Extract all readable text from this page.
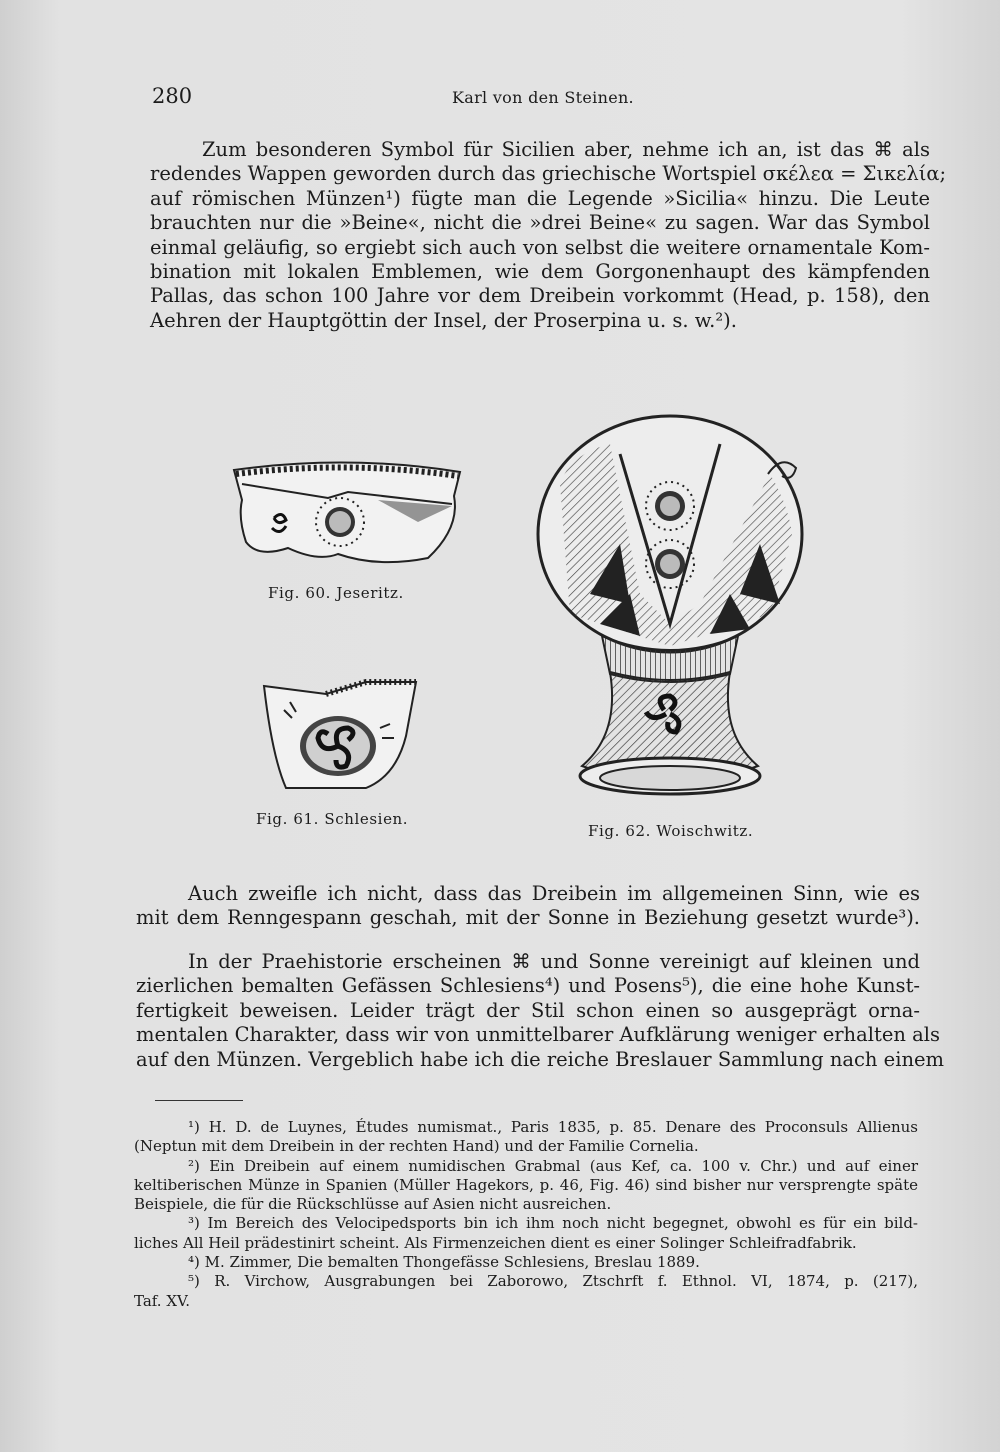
280	Karl von den Steinen.
Zum besonderen Symbol für Sicilien aber, nehme ich an, ist das ⌘ als
redendes Wappen geworden durch das griechische Wortspiel σκέλεα = Σικελία;
auf römischen Münzen¹) fügte man die Legende »Sicilia« hinzu. Die Leute
brauchten nur die »Beine«, nicht die »drei Beine« zu sagen. War das Symbol
einmal geläufig, so ergiebt sich auch von selbst die weitere ornamentale Kom-
bination mit lokalen Emblemen, wie dem Gorgonenhaupt des kämpfenden
Pallas, das schon 100 Jahre vor dem Dreibein vorkommt (Head, p. 158), den
Aehren der Hauptgöttin der Insel, der Proserpina u. s. w.²).
Fig. 60. Jeseritz.
Fig. 61. Schlesien.
Fig. 62. Woischwitz.
Auch zweifle ich nicht, dass das Dreibein im allgemeinen Sinn, wie es
mit dem Renngespann geschah, mit der Sonne in Beziehung gesetzt wurde³).
In der Praehistorie erscheinen ⌘ und Sonne vereinigt auf kleinen und
zierlichen bemalten Gefässen Schlesiens⁴) und Posens⁵), die eine hohe Kunst-
fertigkeit beweisen. Leider trägt der Stil schon einen so ausgeprägt orna-
mentalen Charakter, dass wir von unmittelbarer Aufklärung weniger erhalten als
auf den Münzen. Vergeblich habe ich die reiche Breslauer Sammlung nach einem
¹) H. D. de Luynes, Études numismat., Paris 1835, p. 85. Denare des Proconsuls Allienus
(Neptun mit dem Dreibein in der rechten Hand) und der Familie Cornelia.
²) Ein Dreibein auf einem numidischen Grabmal (aus Kef, ca. 100 v. Chr.) und auf einer
keltiberischen Münze in Spanien (Müller Hagekors, p. 46, Fig. 46) sind bisher nur versprengte späte
Beispiele, die für die Rückschlüsse auf Asien nicht ausreichen.
³) Im Bereich des Velocipedsports bin ich ihm noch nicht begegnet, obwohl es für ein bild-
liches All Heil prädestinirt scheint. Als Firmenzeichen dient es einer Solinger Schleifradfabrik.
⁴) M. Zimmer, Die bemalten Thongefässe Schlesiens, Breslau 1889.
⁵) R. Virchow, Ausgrabungen bei Zaborowo, Ztschrft f. Ethnol. VI, 1874, p. (217),
Taf. XV.
